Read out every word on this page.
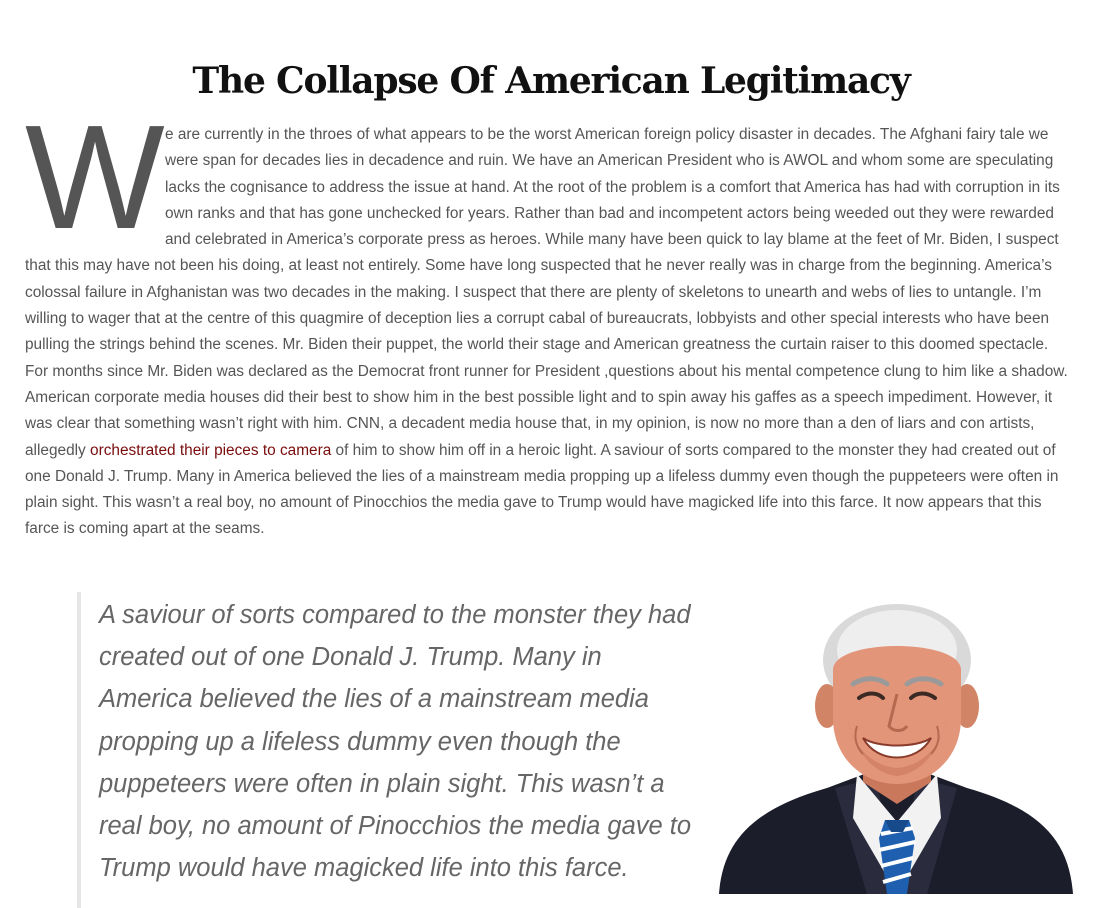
The Collapse Of American Legitimacy

We are currently in the throes of what appears to be the worst American foreign policy disaster in decades. The Afghani fairy tale we were span for decades lies in decadence and ruin. We have an American President who is AWOL and whom some are speculating lacks the cognisance to address the issue at hand. At the root of the problem is a comfort that America has had with corruption in its own ranks and that has gone unchecked for years. Rather than bad and incompetent actors being weeded out they were rewarded and celebrated in America’s corporate press as heroes. While many have been quick to lay blame at the feet of Mr. Biden, I suspect that this may have not been his doing, at least not entirely. Some have long suspected that he never really was in charge from the beginning. America’s colossal failure in Afghanistan was two decades in the making. I suspect that there are plenty of skeletons to unearth and webs of lies to untangle. I’m willing to wager that at the centre of this quagmire of deception lies a corrupt cabal of bureaucrats, lobbyists and other special interests who have been pulling the strings behind the scenes. Mr. Biden their puppet, the world their stage and American greatness the curtain raiser to this doomed spectacle. For months since Mr. Biden was declared as the Democrat front runner for President ,questions about his mental competence clung to him like a shadow. American corporate media houses did their best to show him in the best possible light and to spin away his gaffes as a speech impediment. However, it was clear that something wasn’t right with him. CNN, a decadent media house that, in my opinion, is now no more than a den of liars and con artists, allegedly orchestrated their pieces to camera of him to show him off in a heroic light. A saviour of sorts compared to the monster they had created out of one Donald J. Trump. Many in America believed the lies of a mainstream media propping up a lifeless dummy even though the puppeteers were often in plain sight. This wasn’t a real boy, no amount of Pinocchios the media gave to Trump would have magicked life into this farce. It now appears that this farce is coming apart at the seams.

A saviour of sorts compared to the monster they had created out of one Donald J. Trump. Many in America believed the lies of a mainstream media propping up a lifeless dummy even though the puppeteers were often in plain sight. This wasn’t a real boy, no amount of Pinocchios the media gave to Trump would have magicked life into this farce.
